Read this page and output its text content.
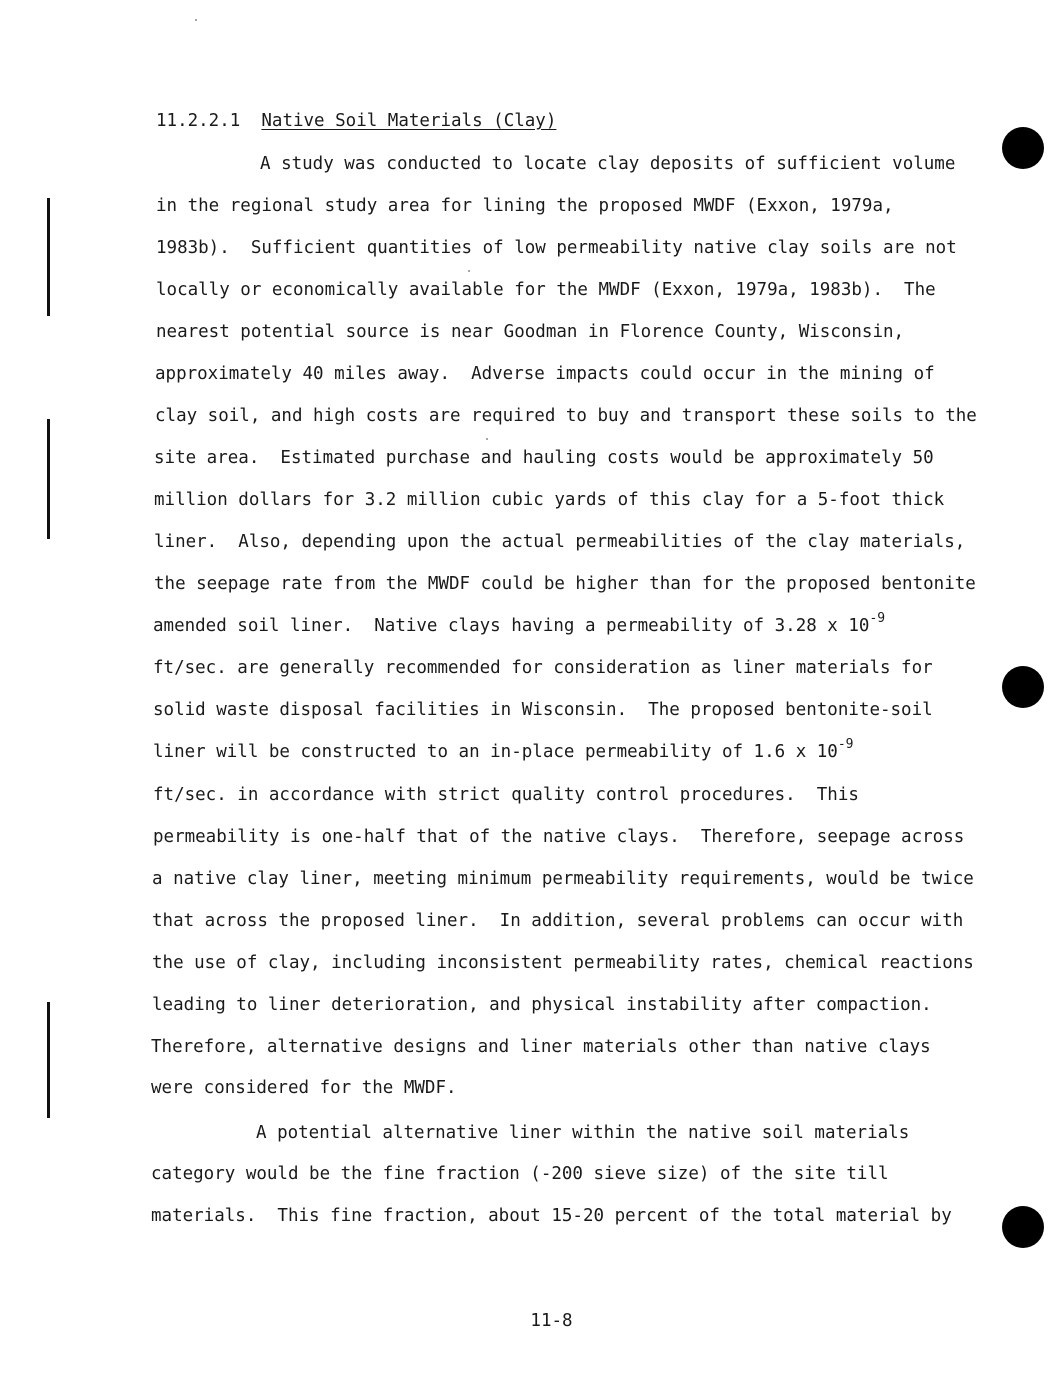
11.2.2.1 Native Soil Materials (Clay)
A study was conducted to locate clay deposits of sufficient volume
in the regional study area for lining the proposed MWDF (Exxon, 1979a,
1983b).  Sufficient quantities of low permeability native clay soils are not
locally or economically available for the MWDF (Exxon, 1979a, 1983b).  The
nearest potential source is near Goodman in Florence County, Wisconsin,
approximately 40 miles away.  Adverse impacts could occur in the mining of
clay soil, and high costs are required to buy and transport these soils to the
site area.  Estimated purchase and hauling costs would be approximately 50
million dollars for 3.2 million cubic yards of this clay for a 5-foot thick
liner.  Also, depending upon the actual permeabilities of the clay materials,
the seepage rate from the MWDF could be higher than for the proposed bentonite
amended soil liner.  Native clays having a permeability of 3.28 x $10^{-9}$
ft/sec. are generally recommended for consideration as liner materials for
solid waste disposal facilities in Wisconsin.  The proposed bentonite-soil
liner will be constructed to an in-place permeability of 1.6 x $10^{-9}$
ft/sec. in accordance with strict quality control procedures.  This
permeability is one-half that of the native clays.  Therefore, seepage across
a native clay liner, meeting minimum permeability requirements, would be twice
that across the proposed liner.  In addition, several problems can occur with
the use of clay, including inconsistent permeability rates, chemical reactions
leading to liner deterioration, and physical instability after compaction.
Therefore, alternative designs and liner materials other than native clays
were considered for the MWDF.
A potential alternative liner within the native soil materials
category would be the fine fraction (-200 sieve size) of the site till
materials.  This fine fraction, about 15-20 percent of the total material by
11-8
